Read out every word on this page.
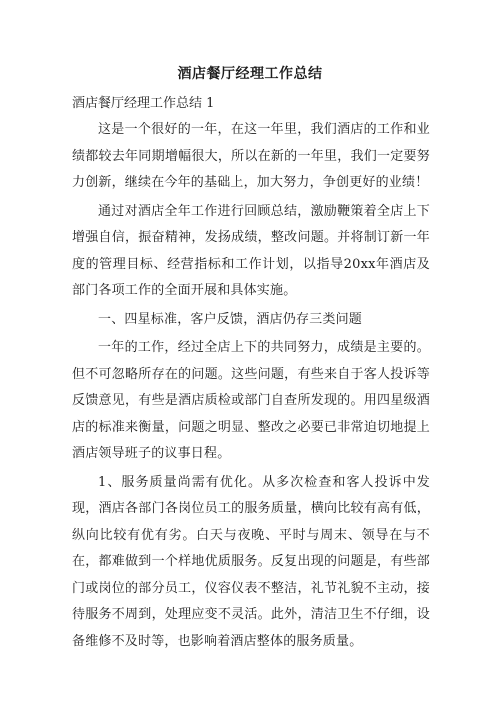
酒店餐厅经理工作总结

酒店餐厅经理工作总结 1

这是一个很好的一年，在这一年里，我们酒店的工作和业绩都较去年同期增幅很大，所以在新的一年里，我们一定要努力创新，继续在今年的基础上，加大努力，争创更好的业绩！

通过对酒店全年工作进行回顾总结，激励鞭策着全店上下增强自信，振奋精神，发扬成绩，整改问题。并将制订新一年度的管理目标、经营指标和工作计划，以指导20xx年酒店及部门各项工作的全面开展和具体实施。

一、四星标准，客户反馈，酒店仍存三类问题

一年的工作，经过全店上下的共同努力，成绩是主要的。但不可忽略所存在的问题。这些问题，有些来自于客人投诉等反馈意见，有些是酒店质检或部门自查所发现的。用四星级酒店的标准来衡量，问题之明显、整改之必要已非常迫切地提上酒店领导班子的议事日程。

1、服务质量尚需有优化。从多次检查和客人投诉中发现，酒店各部门各岗位员工的服务质量，横向比较有高有低，纵向比较有优有劣。白天与夜晚、平时与周末、领导在与不在，都难做到一个样地优质服务。反复出现的问题是，有些部门或岗位的部分员工，仪容仪表不整洁，礼节礼貌不主动，接待服务不周到，处理应变不灵活。此外，清洁卫生不仔细，设备维修不及时等，也影响着酒店整体的服务质量。
